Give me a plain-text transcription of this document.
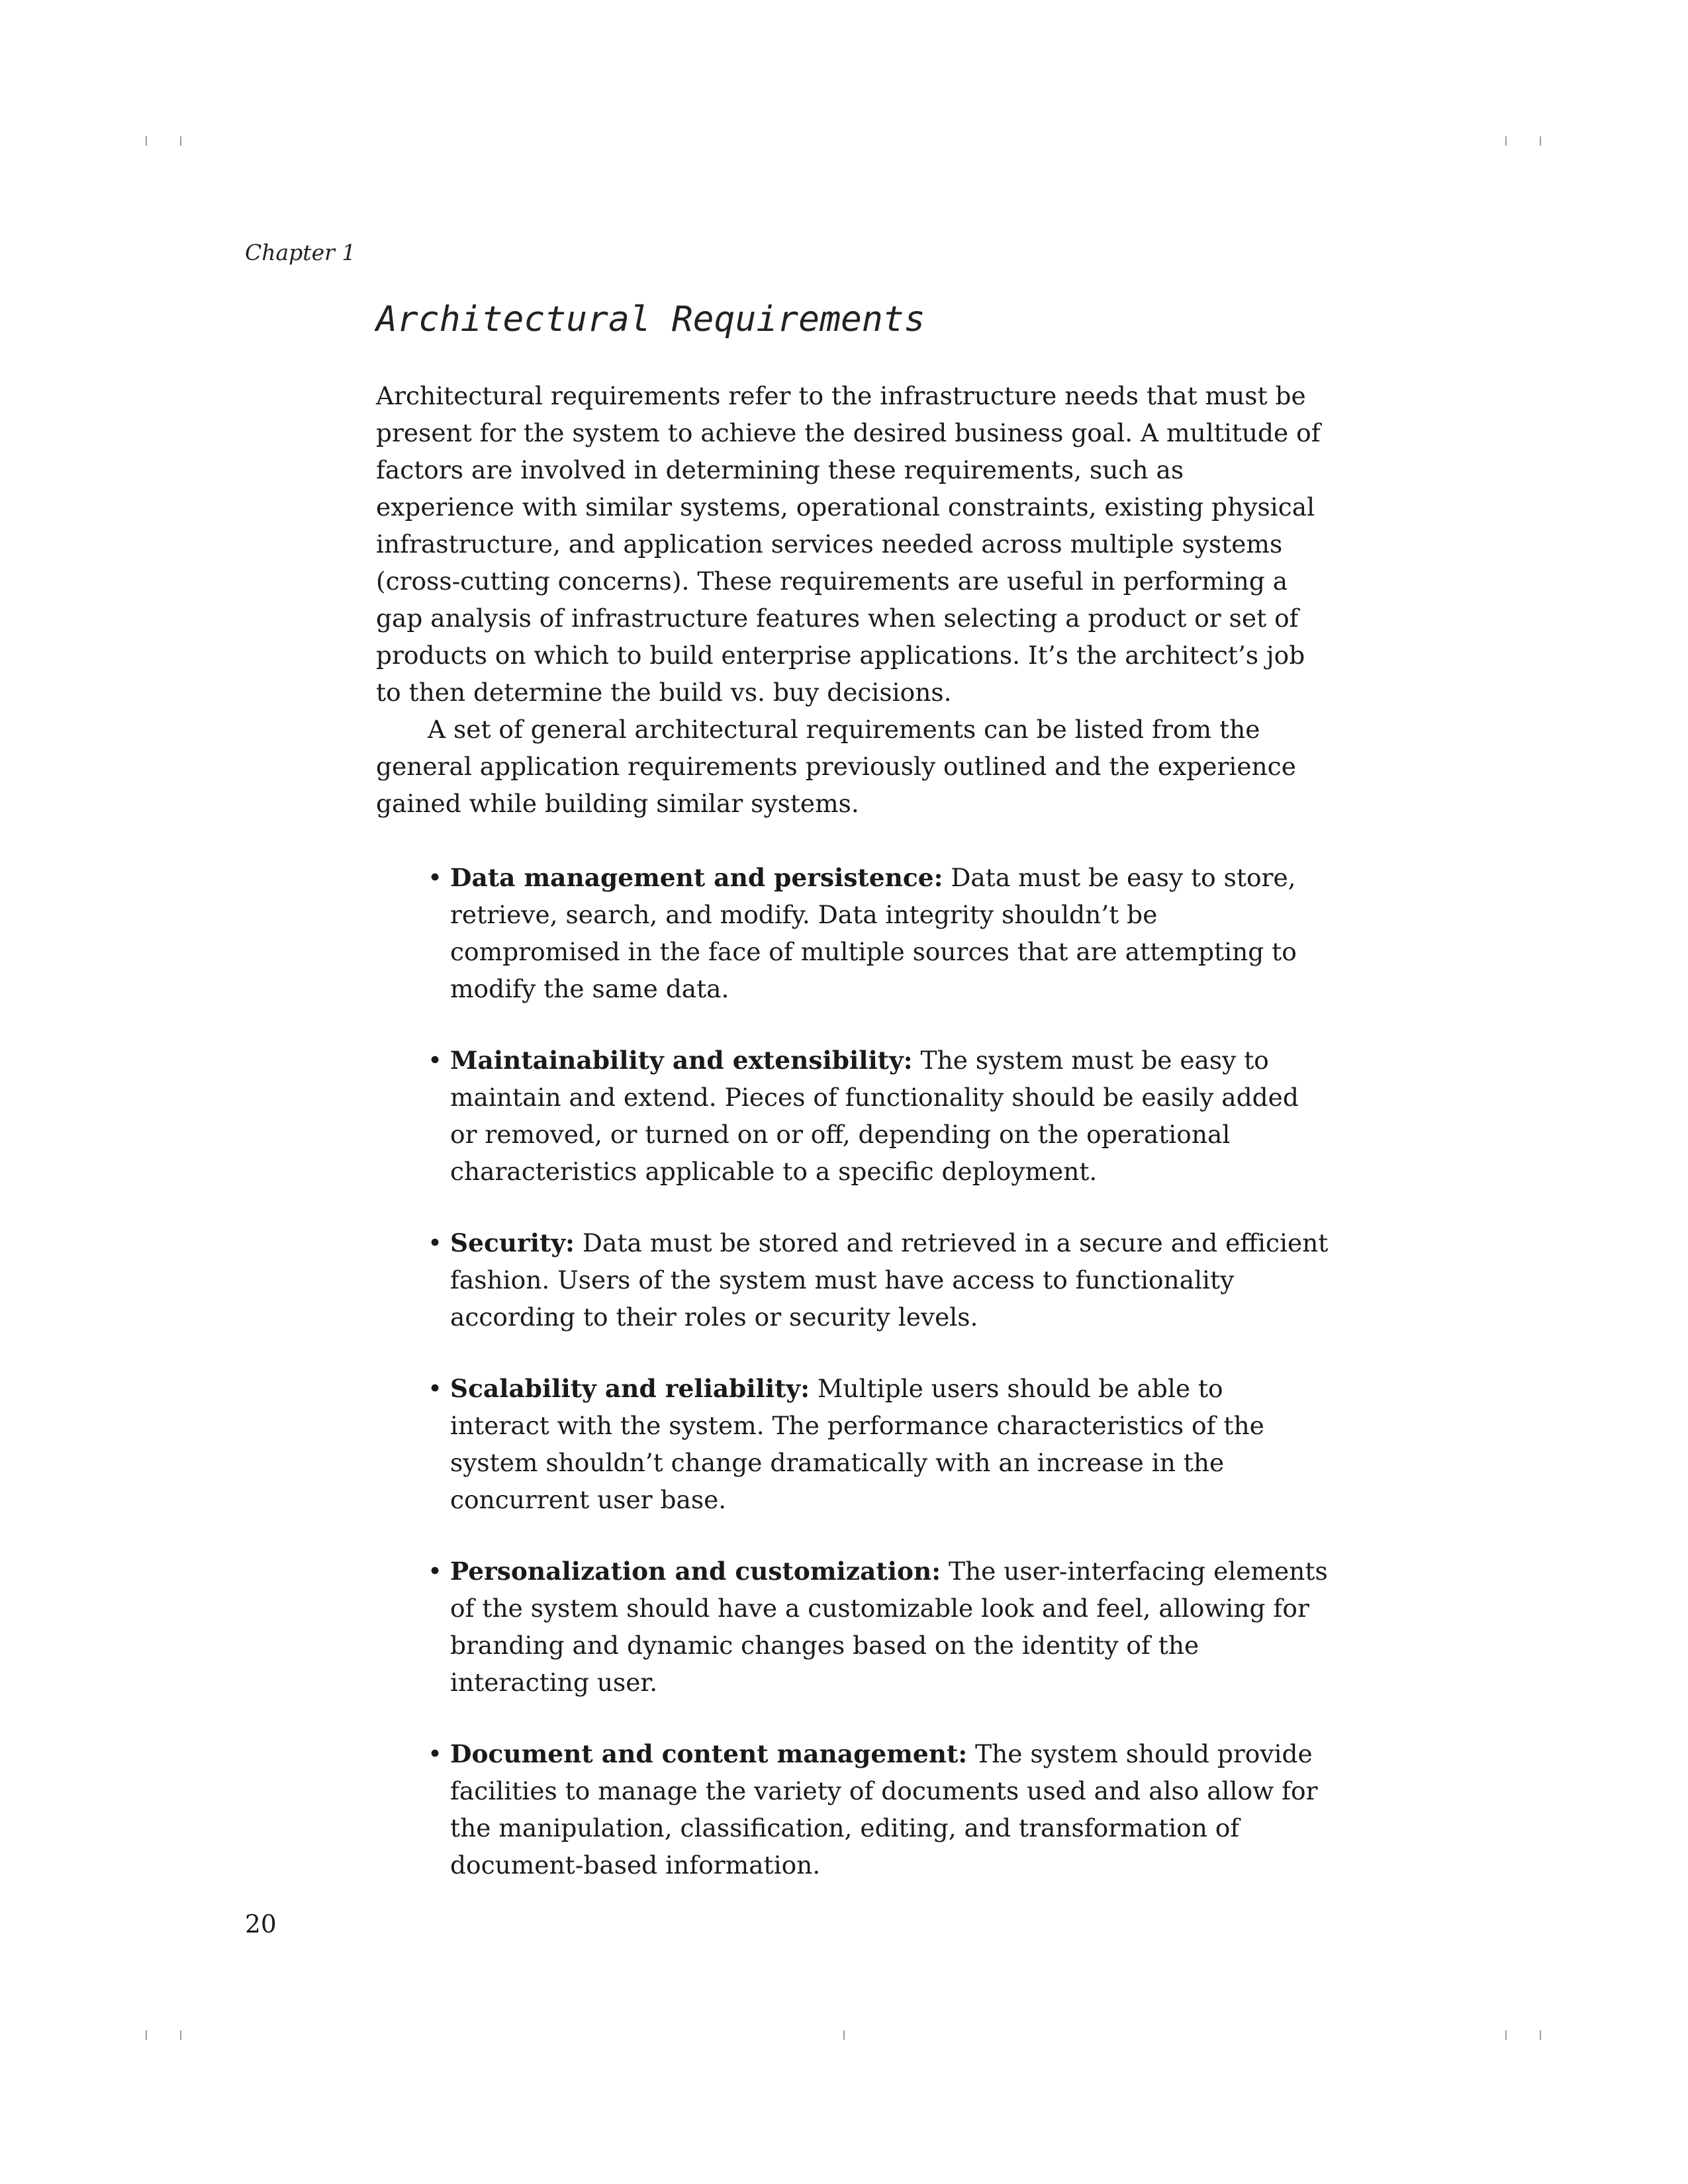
Chapter 1
Architectural Requirements

Architectural requirements refer to the infrastructure needs that must be present for the system to achieve the desired business goal. A multitude of factors are involved in determining these requirements, such as experience with similar systems, operational constraints, existing physical infrastructure, and application services needed across multiple systems (cross-cutting concerns). These requirements are useful in performing a gap analysis of infrastructure features when selecting a product or set of products on which to build enterprise applications. It’s the architect’s job to then determine the build vs. buy decisions.

A set of general architectural requirements can be listed from the general application requirements previously outlined and the experience gained while building similar systems.

• Data management and persistence: Data must be easy to store, retrieve, search, and modify. Data integrity shouldn’t be compromised in the face of multiple sources that are attempting to modify the same data.
• Maintainability and extensibility: The system must be easy to maintain and extend. Pieces of functionality should be easily added or removed, or turned on or off, depending on the operational characteristics applicable to a specific deployment.
• Security: Data must be stored and retrieved in a secure and efficient fashion. Users of the system must have access to functionality according to their roles or security levels.
• Scalability and reliability: Multiple users should be able to interact with the system. The performance characteristics of the system shouldn’t change dramatically with an increase in the concurrent user base.
• Personalization and customization: The user-interfacing elements of the system should have a customizable look and feel, allowing for branding and dynamic changes based on the identity of the interacting user.
• Document and content management: The system should provide facilities to manage the variety of documents used and also allow for the manipulation, classification, editing, and transformation of document-based information.
20
